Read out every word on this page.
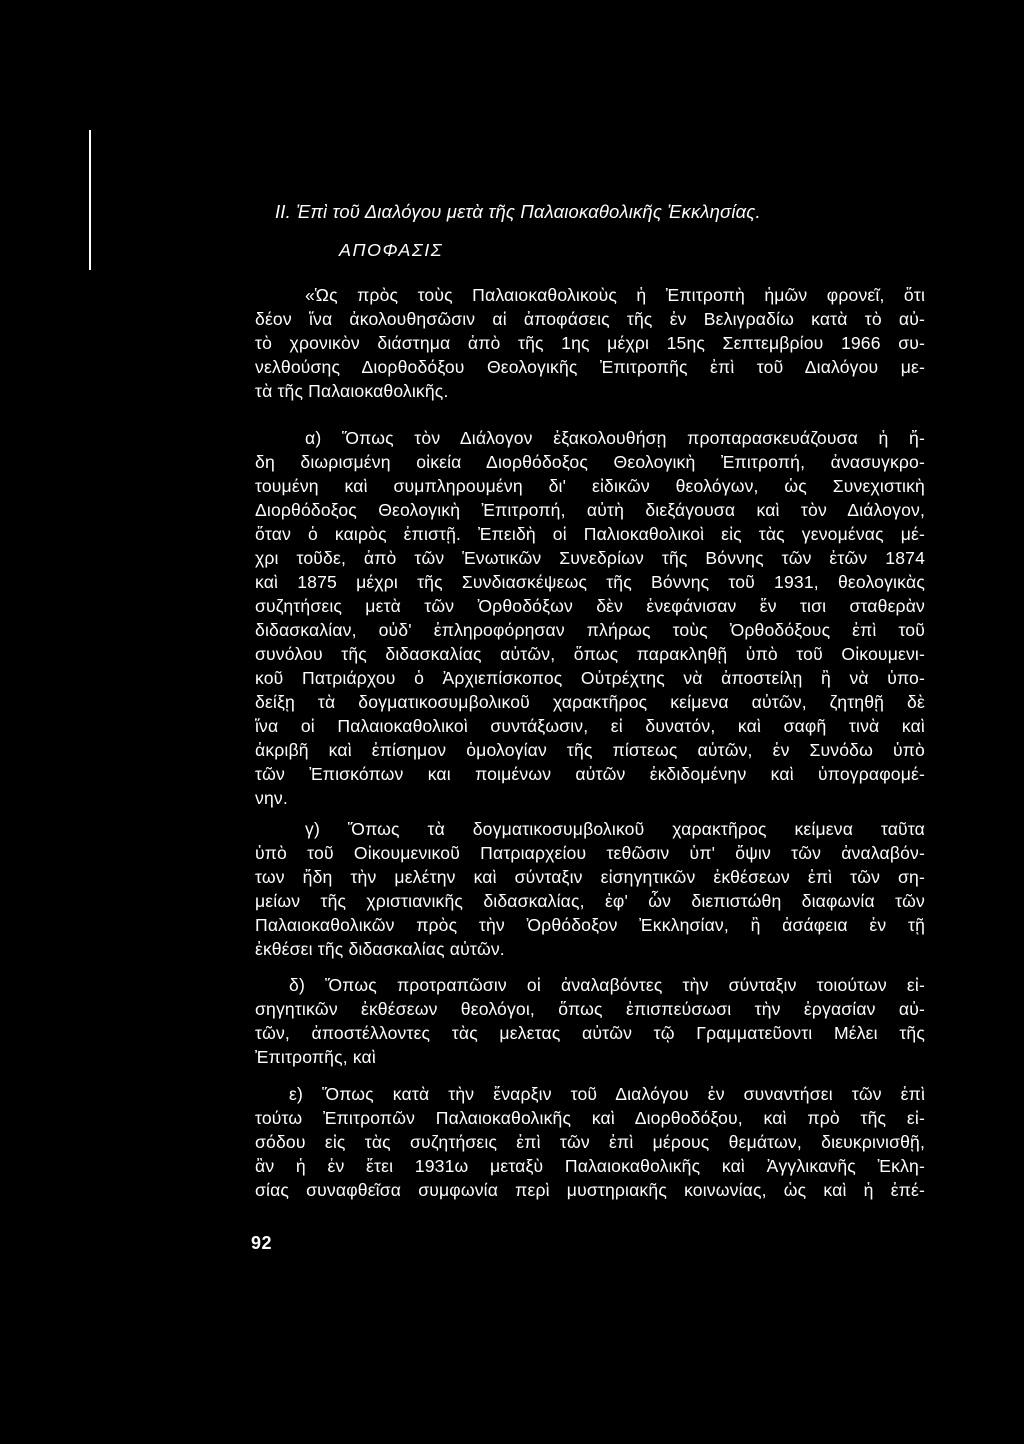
ΙΙ. Ἐπὶ τοῦ Διαλόγου μετὰ τῆς Παλαιοκαθολικῆς Ἐκκλησίας.
ΑΠΟΦΑΣΙΣ
«Ὡς πρὸς τοὺς Παλαιοκαθολικοὺς ἡ Ἐπιτροπὴ ἡμῶν φρονεῖ, ὅτι
δέον ἵνα ἀκολουθησῶσιν αἱ ἀποφάσεις τῆς ἐν Βελιγραδίω κατὰ τὸ αὐ-
τὸ χρονικὸν διάστημα ἀπὸ τῆς 1ης μέχρι 15ης Σεπτεμβρίου 1966 συ-
νελθούσης Διορθοδόξου Θεολογικῆς Ἐπιτροπῆς ἐπὶ τοῦ Διαλόγου με-
τὰ τῆς Παλαιοκαθολικῆς.
α) Ὅπως τὸν Διάλογον ἐξακολουθήσῃ προπαρασκευάζουσα ἡ ἤ-
δη διωρισμένη οἰκεία Διορθόδοξος Θεολογικὴ Ἐπιτροπή, ἀνασυγκρο-
τουμένη καὶ συμπληρουμένη δι' εἰδικῶν θεολόγων, ὡς Συνεχιστικὴ
Διορθόδοξος Θεολογικὴ Ἐπιτροπή, αὐτὴ διεξάγουσα καὶ τὸν Διάλογον,
ὅταν ὁ καιρὸς ἐπιστῇ. Ἐπειδὴ οἱ Παλιοκαθολικοὶ εἰς τὰς γενομένας μέ-
χρι τοῦδε, ἀπὸ τῶν Ἑνωτικῶν Συνεδρίων τῆς Βόννης τῶν ἐτῶν 1874
καὶ 1875 μέχρι τῆς Συνδιασκέψεως τῆς Βόννης τοῦ 1931, θεολογικὰς
συζητήσεις μετὰ τῶν Ὀρθοδόξων δὲν ἐνεφάνισαν ἕν τισι σταθερὰν
διδασκαλίαν, οὐδ' ἐπληροφόρησαν πλήρως τοὺς Ὀρθοδόξους ἐπὶ τοῦ
συνόλου τῆς διδασκαλίας αὐτῶν, ὅπως παρακληθῇ ὑπὸ τοῦ Οἰκουμενι-
κοῦ Πατριάρχου ὁ Ἀρχιεπίσκοπος Οὐτρέχτης νὰ ἀποστείλῃ ἢ νὰ ὑπο-
δείξῃ τὰ δογματικοσυμβολικοῦ χαρακτῆρος κείμενα αὐτῶν, ζητηθῇ δὲ
ἵνα οἱ Παλαιοκαθολικοὶ συντάξωσιν, εἰ δυνατόν, καὶ σαφῆ τινὰ καὶ
ἀκριβῆ καὶ ἐπίσημον ὁμολογίαν τῆς πίστεως αὐτῶν, ἐν Συνόδω ὑπὸ
τῶν Ἐπισκόπων και ποιμένων αὐτῶν ἐκδιδομένην καὶ ὑπογραφομέ-
νην.
γ) Ὅπως τὰ δογματικοσυμβολικοῦ χαρακτῆρος κείμενα ταῦτα
ὑπὸ τοῦ Οἰκουμενικοῦ Πατριαρχείου τεθῶσιν ὑπ' ὄψιν τῶν ἀναλαβόν-
των ἤδη τὴν μελέτην καὶ σύνταξιν εἰσηγητικῶν ἐκθέσεων ἐπὶ τῶν ση-
μείων τῆς χριστιανικῆς διδασκαλίας, ἐφ' ὧν διεπιστώθη διαφωνία τῶν
Παλαιοκαθολικῶν πρὸς τὴν Ὀρθόδοξον Ἐκκλησίαν, ἢ ἀσάφεια ἐν τῇ
ἐκθέσει τῆς διδασκαλίας αὐτῶν.
δ) Ὅπως προτραπῶσιν οἱ ἀναλαβόντες τὴν σύνταξιν τοιούτων εἰ-
σηγητικῶν ἐκθέσεων θεολόγοι, ὅπως ἐπισπεύσωσι τὴν ἐργασίαν αὐ-
τῶν, ἀποστέλλοντες τὰς μελετας αὐτῶν τῷ Γραμματεῦοντι Μέλει τῆς
Ἐπιτροπῆς, καὶ
ε) Ὅπως κατὰ τὴν ἔναρξιν τοῦ Διαλόγου ἐν συναντήσει τῶν ἐπὶ
τούτω Ἐπιτροπῶν Παλαιοκαθολικῆς καὶ Διορθοδόξου, καὶ πρὸ τῆς εἰ-
σόδου εἰς τὰς συζητήσεις ἐπὶ τῶν ἐπὶ μέρους θεμάτων, διευκρινισθῇ,
ἂν ἡ ἐν ἔτει 1931ω μεταξὺ Παλαιοκαθολικῆς καὶ Ἀγγλικανῆς Ἐκλη-
σίας συναφθεῖσα συμφωνία περὶ μυστηριακῆς κοινωνίας, ὡς καὶ ἡ ἐπέ-
92
